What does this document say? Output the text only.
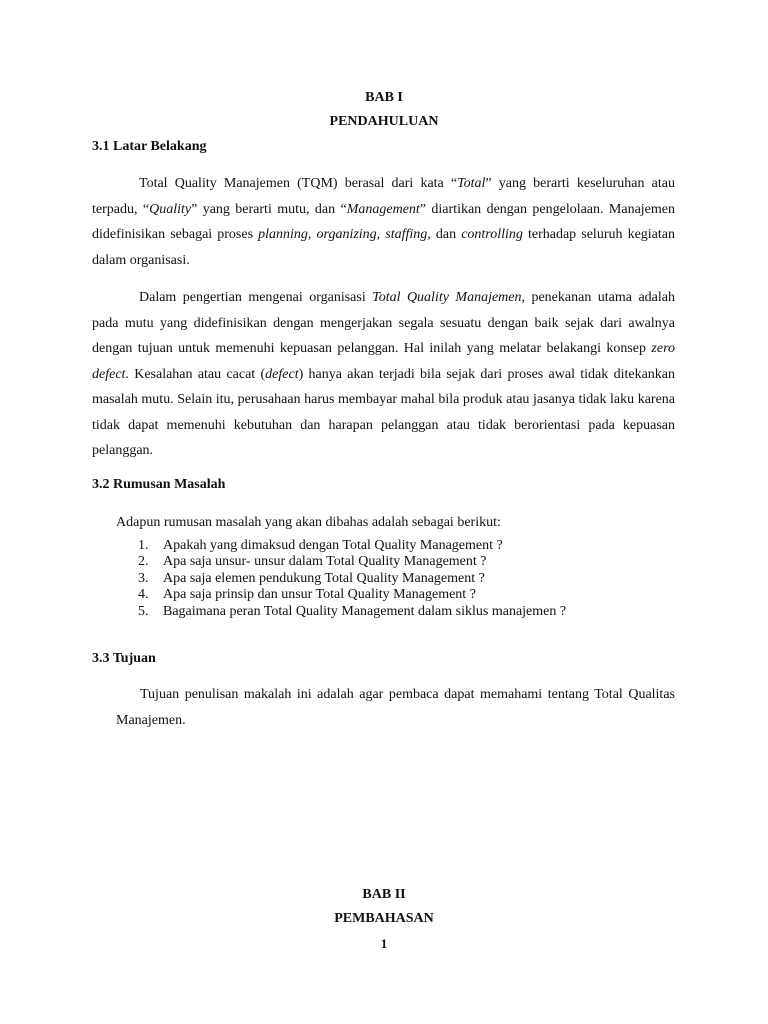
BAB I
PENDAHULUAN
3.1 Latar Belakang

Total Quality Manajemen (TQM) berasal dari kata “Total” yang berarti keseluruhan atau terpadu, “Quality” yang berarti mutu, dan “Management” diartikan dengan pengelolaan. Manajemen didefinisikan sebagai proses planning, organizing, staffing, dan controlling terhadap seluruh kegiatan dalam organisasi.

Dalam pengertian mengenai organisasi Total Quality Manajemen, penekanan utama adalah pada mutu yang didefinisikan dengan mengerjakan segala sesuatu dengan baik sejak dari awalnya dengan tujuan untuk memenuhi kepuasan pelanggan. Hal inilah yang melatar belakangi konsep zero defect. Kesalahan atau cacat (defect) hanya akan terjadi bila sejak dari proses awal tidak ditekankan masalah mutu. Selain itu, perusahaan harus membayar mahal bila produk atau jasanya tidak laku karena tidak dapat memenuhi kebutuhan dan harapan pelanggan atau tidak berorientasi pada kepuasan pelanggan.

3.2 Rumusan Masalah
Adapun rumusan masalah yang akan dibahas adalah sebagai berikut:
1. Apakah yang dimaksud dengan Total Quality Management ?
2. Apa saja unsur- unsur dalam Total Quality Management ?
3. Apa saja elemen pendukung Total Quality Management ?
4. Apa saja prinsip dan unsur Total Quality Management ?
5. Bagaimana peran Total Quality Management dalam siklus manajemen ?
3.3 Tujuan

Tujuan penulisan makalah ini adalah agar pembaca dapat memahami tentang Total Qualitas Manajemen.

BAB II
PEMBAHASAN
1
